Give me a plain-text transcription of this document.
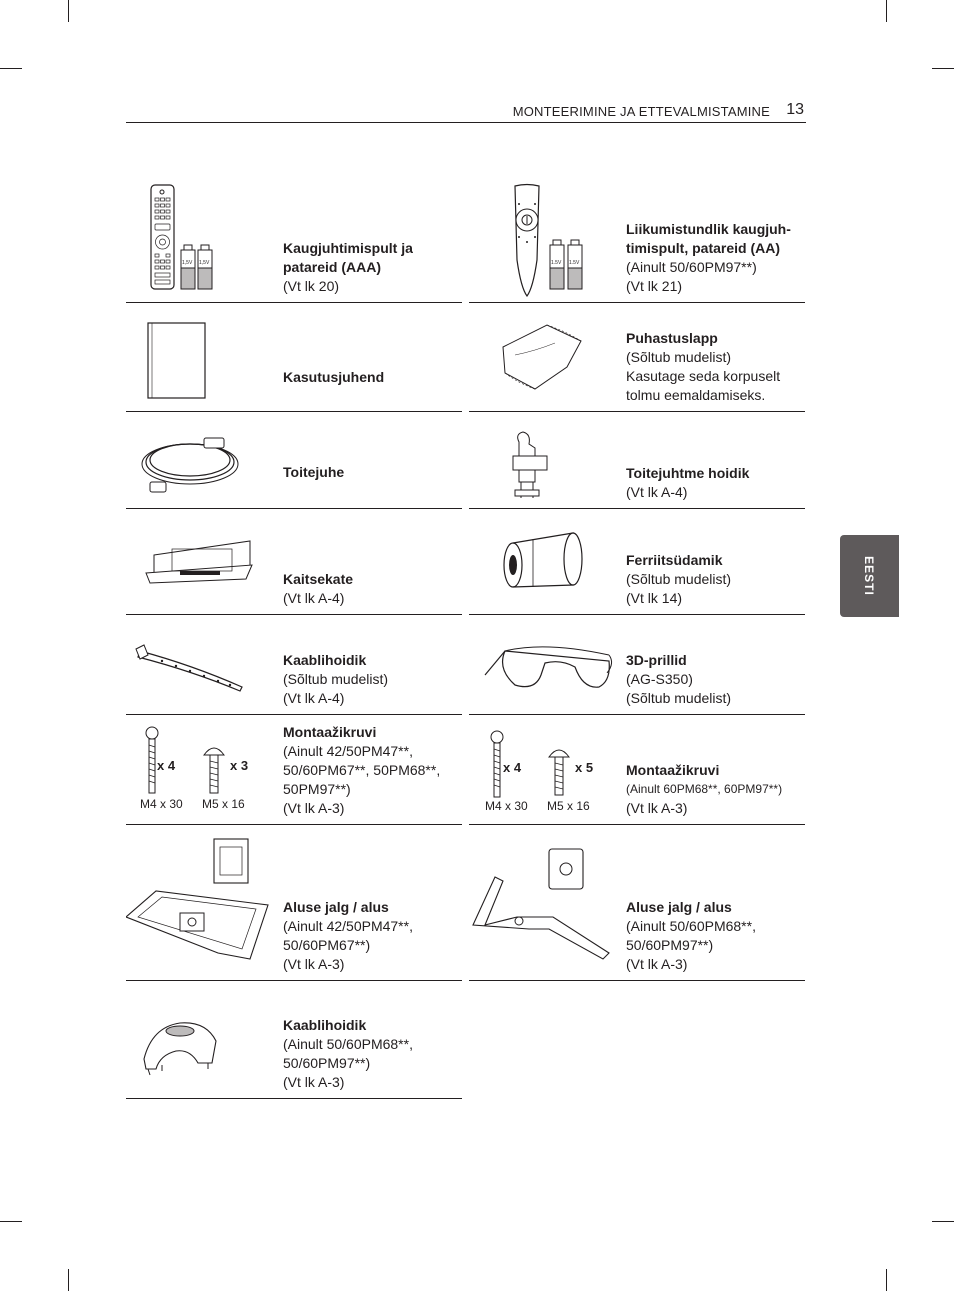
MONTEERIMINE JA ETTEVALMISTAMINE 13
EESTI
1,5V 1,5V
Kaugjuhtimispult ja
patareid (AAA)
(Vt lk 20)
1.5V 1.5V
Liikumistundlik kaugjuh-
timispult, patareid (AA)
(Ainult 50/60PM97**)
(Vt lk 21)
Kasutusjuhend
Puhastuslapp
(Sõltub mudelist)
Kasutage seda korpuselt
tolmu eemaldamiseks.
Toitejuhe	Toitejuhtme hoidik
(Vt lk A-4)
Kaitsekate
(Vt lk A-4)
Ferriitsüdamik
(Sõltub mudelist)
(Vt lk 14)
Kaablihoidik
(Sõltub mudelist)
(Vt lk A-4)
3D-prillid
(AG-S350)
(Sõltub mudelist)
x 4	x 3
M4 x 30 M5 x 16
Montaažikruvi
(Ainult 42/50PM47**,
50/60PM67**, 50PM68**,
50PM97**)
(Vt lk A-3)
x 4	x 5
M4 x 30 M5 x 16
Montaažikruvi
(Ainult 60PM68**, 60PM97**)
(Vt lk A-3)
Aluse jalg / alus
(Ainult 42/50PM47**,
50/60PM67**)
(Vt lk A-3)
Aluse jalg / alus
(Ainult 50/60PM68**,
50/60PM97**)
(Vt lk A-3)
Kaablihoidik
(Ainult 50/60PM68**,
50/60PM97**)
(Vt lk A-3)
